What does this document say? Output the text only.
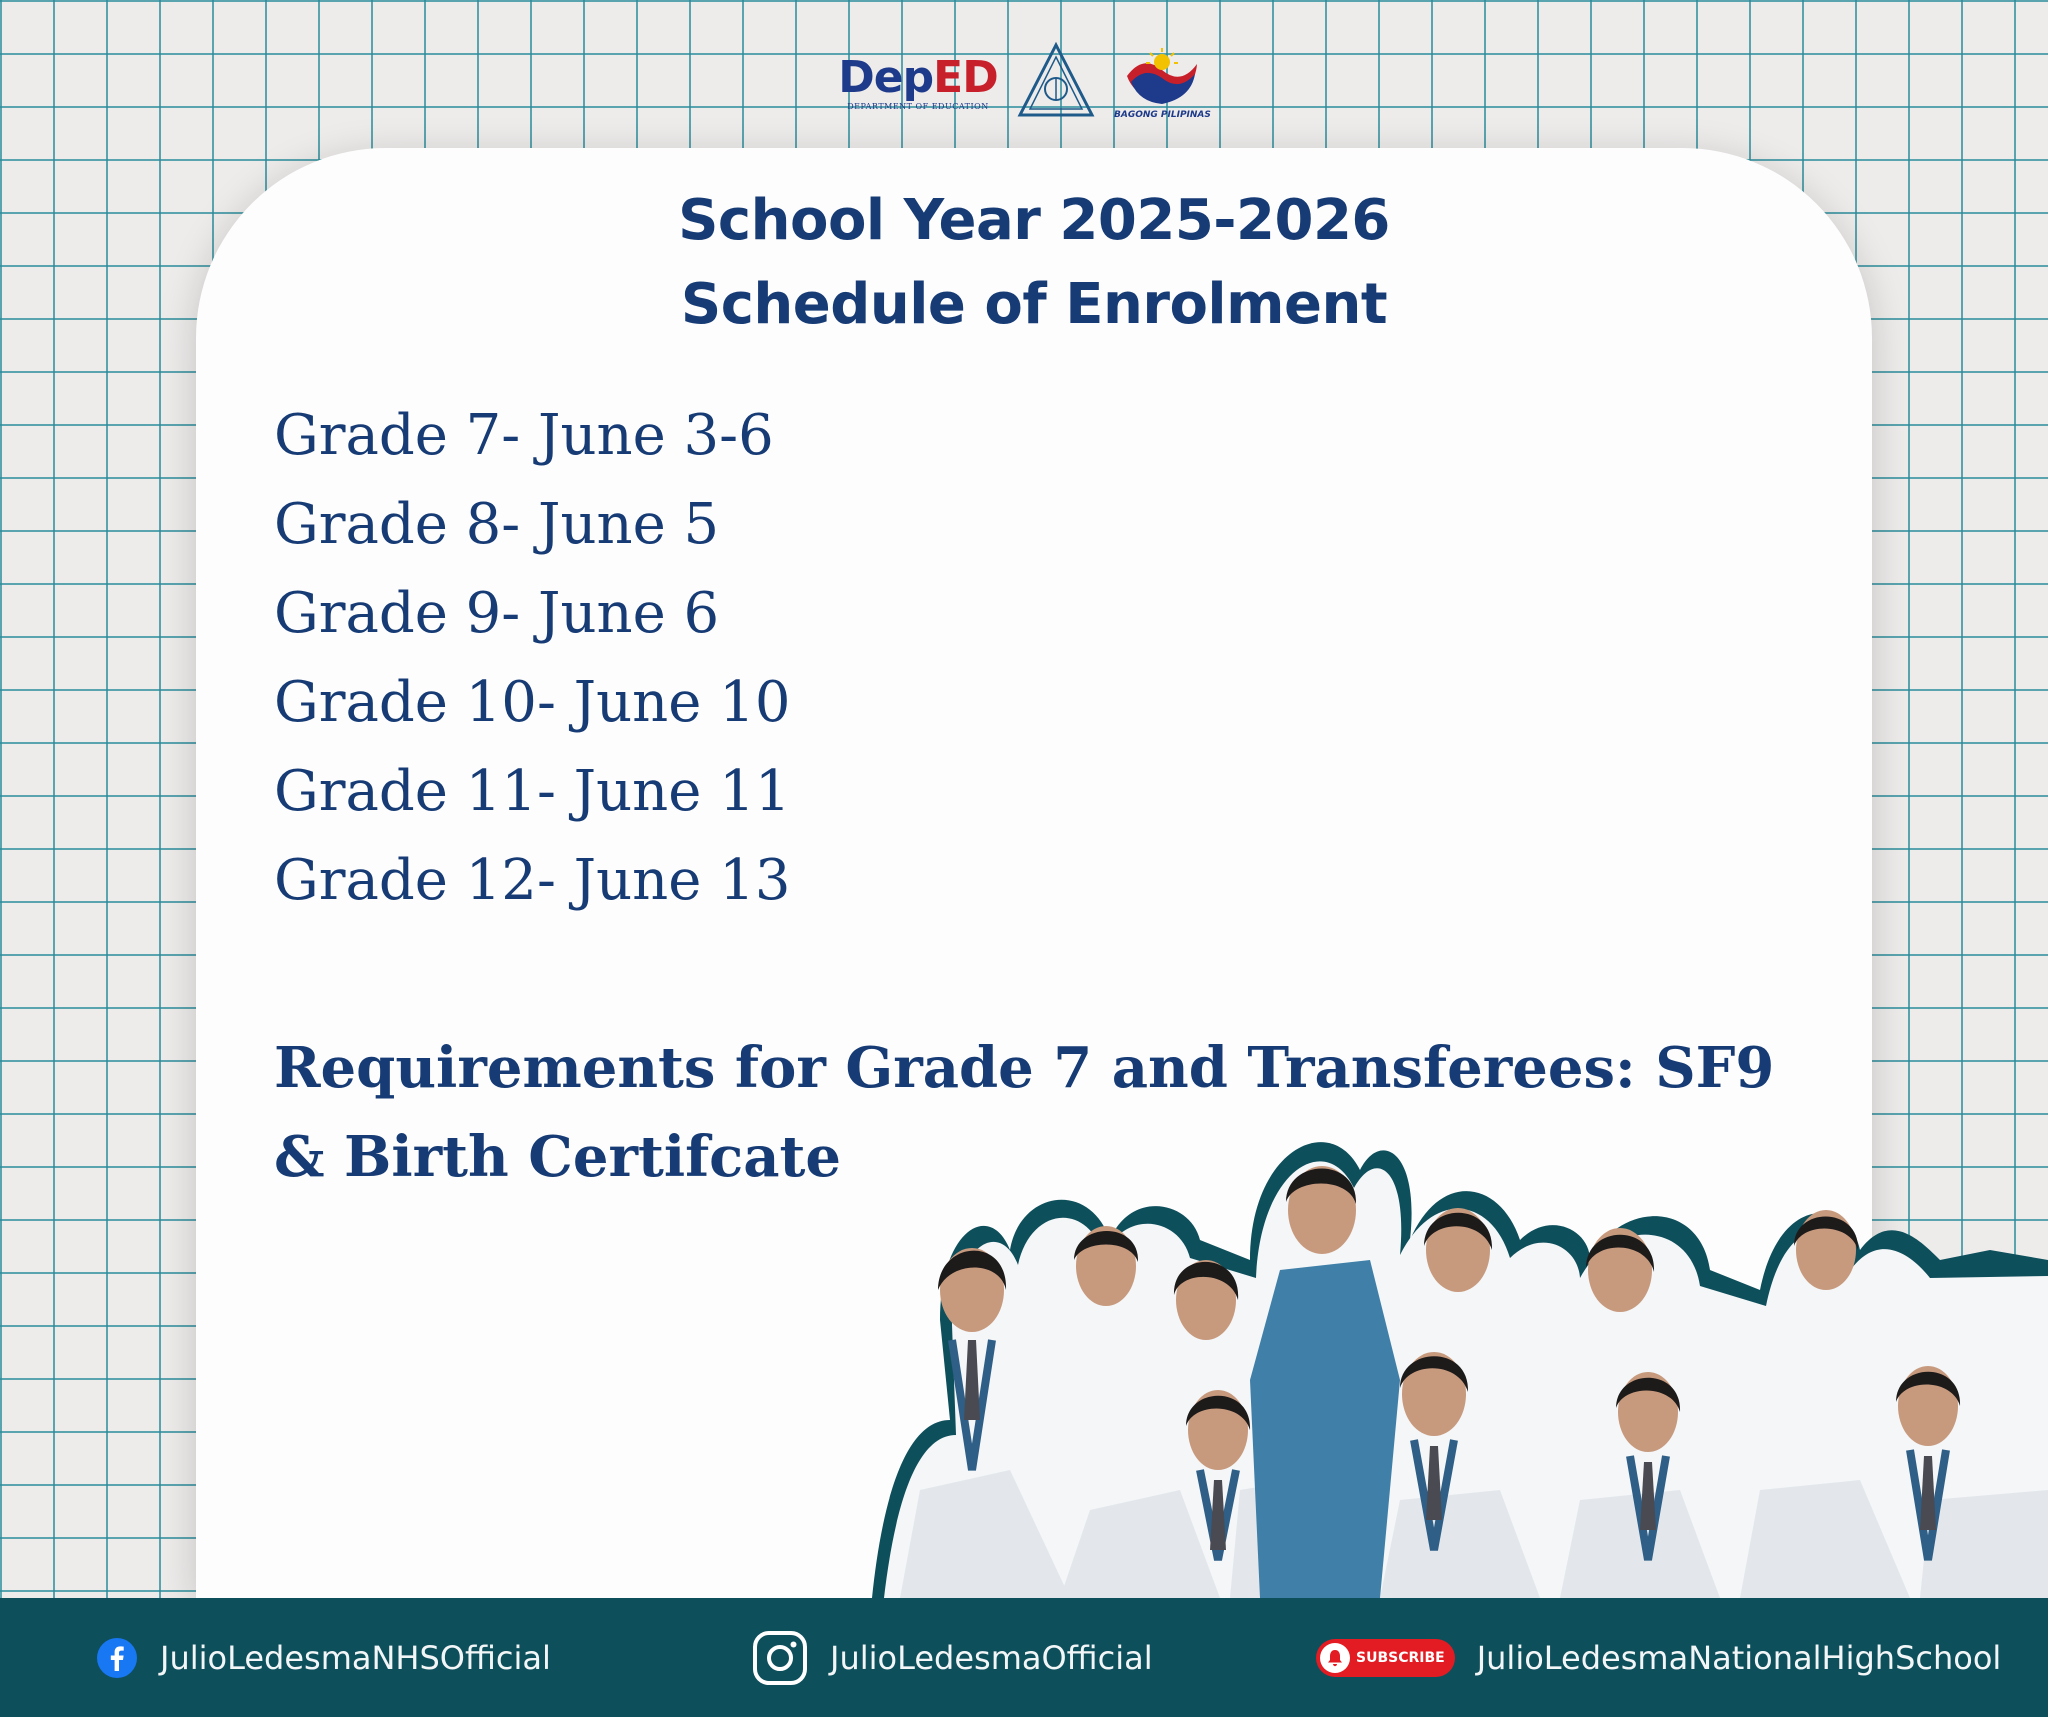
DepED
DEPARTMENT OF EDUCATION
BAGONG PILIPINAS
School Year 2025-2026
Schedule of Enrolment
Grade 7- June 3-6
Grade 8- June 5
Grade 9- June 6
Grade 10- June 10
Grade 11- June 11
Grade 12- June 13
Requirements for Grade 7 and Transferees: SF9
& Birth Certifcate
JulioLedesmaNHSOfficial	JulioLedesmaOfficial	SUBSCRIBE JulioLedesmaNationalHighSchool
